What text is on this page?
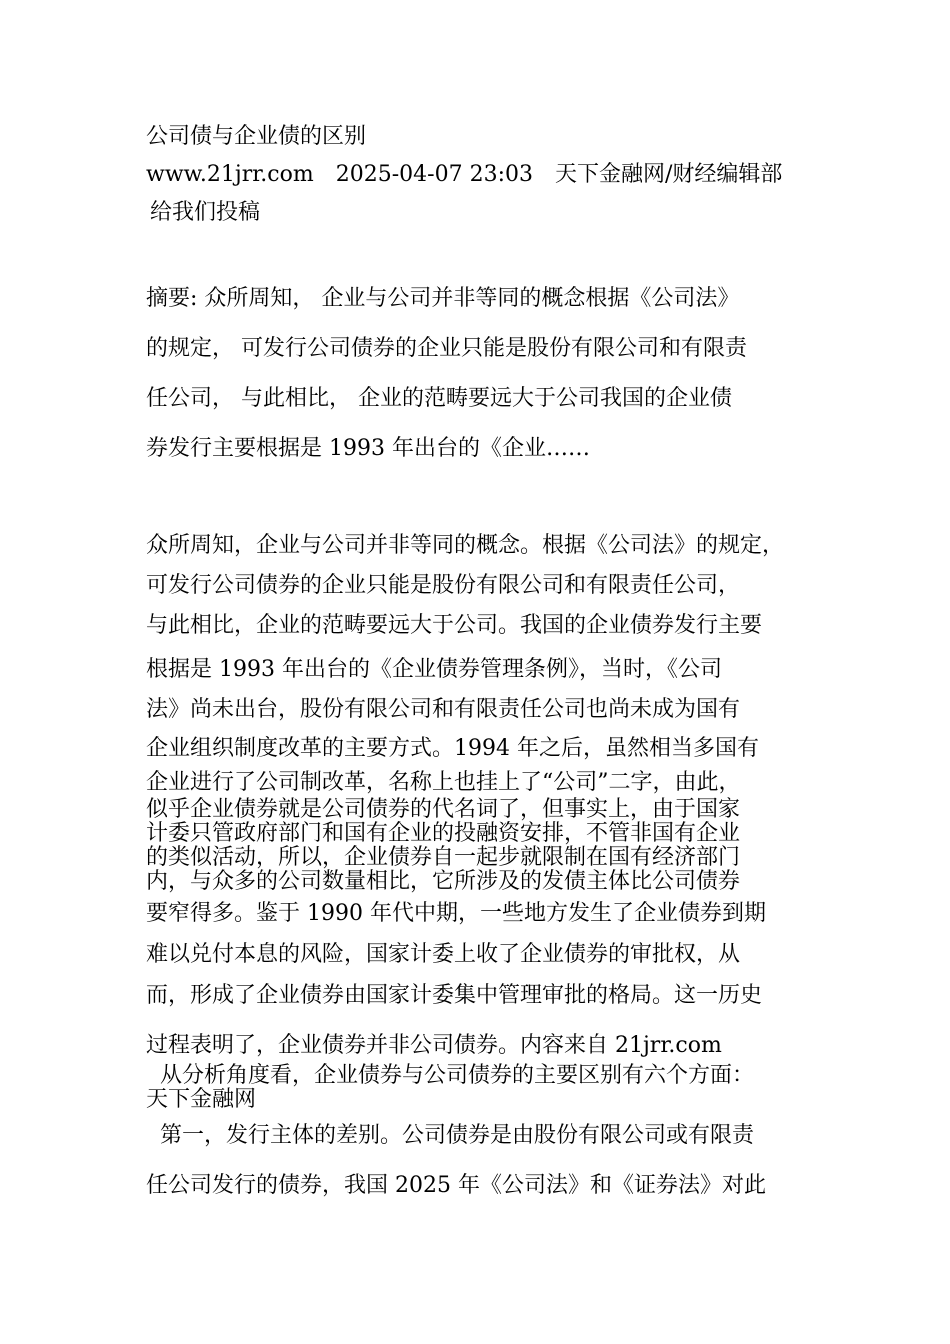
公司债与企业债的区别
www.21jrr.com 2025-04-07 23:03 天下金融网/财经编辑部
给我们投稿
摘要: 众所周知， 企业与公司并非等同的概念根据《公司法》
的规定， 可发行公司债券的企业只能是股份有限公司和有限责
任公司， 与此相比， 企业的范畴要远大于公司我国的企业债
券发行主要根据是 1993 年出台的《企业……
众所周知，企业与公司并非等同的概念。根据《公司法》的规定，
可发行公司债券的企业只能是股份有限公司和有限责任公司，
与此相比，企业的范畴要远大于公司。我国的企业债券发行主要
根据是 1993 年出台的《企业债券管理条例》，当时，《公司
法》尚未出台，股份有限公司和有限责任公司也尚未成为国有
企业组织制度改革的主要方式。1994 年之后，虽然相当多国有
企业进行了公司制改革，名称上也挂上了“公司”二字，由此，
似乎企业债券就是公司债券的代名词了，但事实上，由于国家
计委只管政府部门和国有企业的投融资安排，不管非国有企业
的类似活动，所以，企业债券自一起步就限制在国有经济部门
内，与众多的公司数量相比，它所涉及的发债主体比公司债券
要窄得多。鉴于 1990 年代中期，一些地方发生了企业债券到期
难以兑付本息的风险，国家计委上收了企业债券的审批权，从
而，形成了企业债券由国家计委集中管理审批的格局。这一历史
过程表明了，企业债券并非公司债券。内容来自 21jrr.com
从分析角度看，企业债券与公司债券的主要区别有六个方面：
天下金融网
第一，发行主体的差别。公司债券是由股份有限公司或有限责
任公司发行的债券，我国 2025 年《公司法》和《证券法》对此
